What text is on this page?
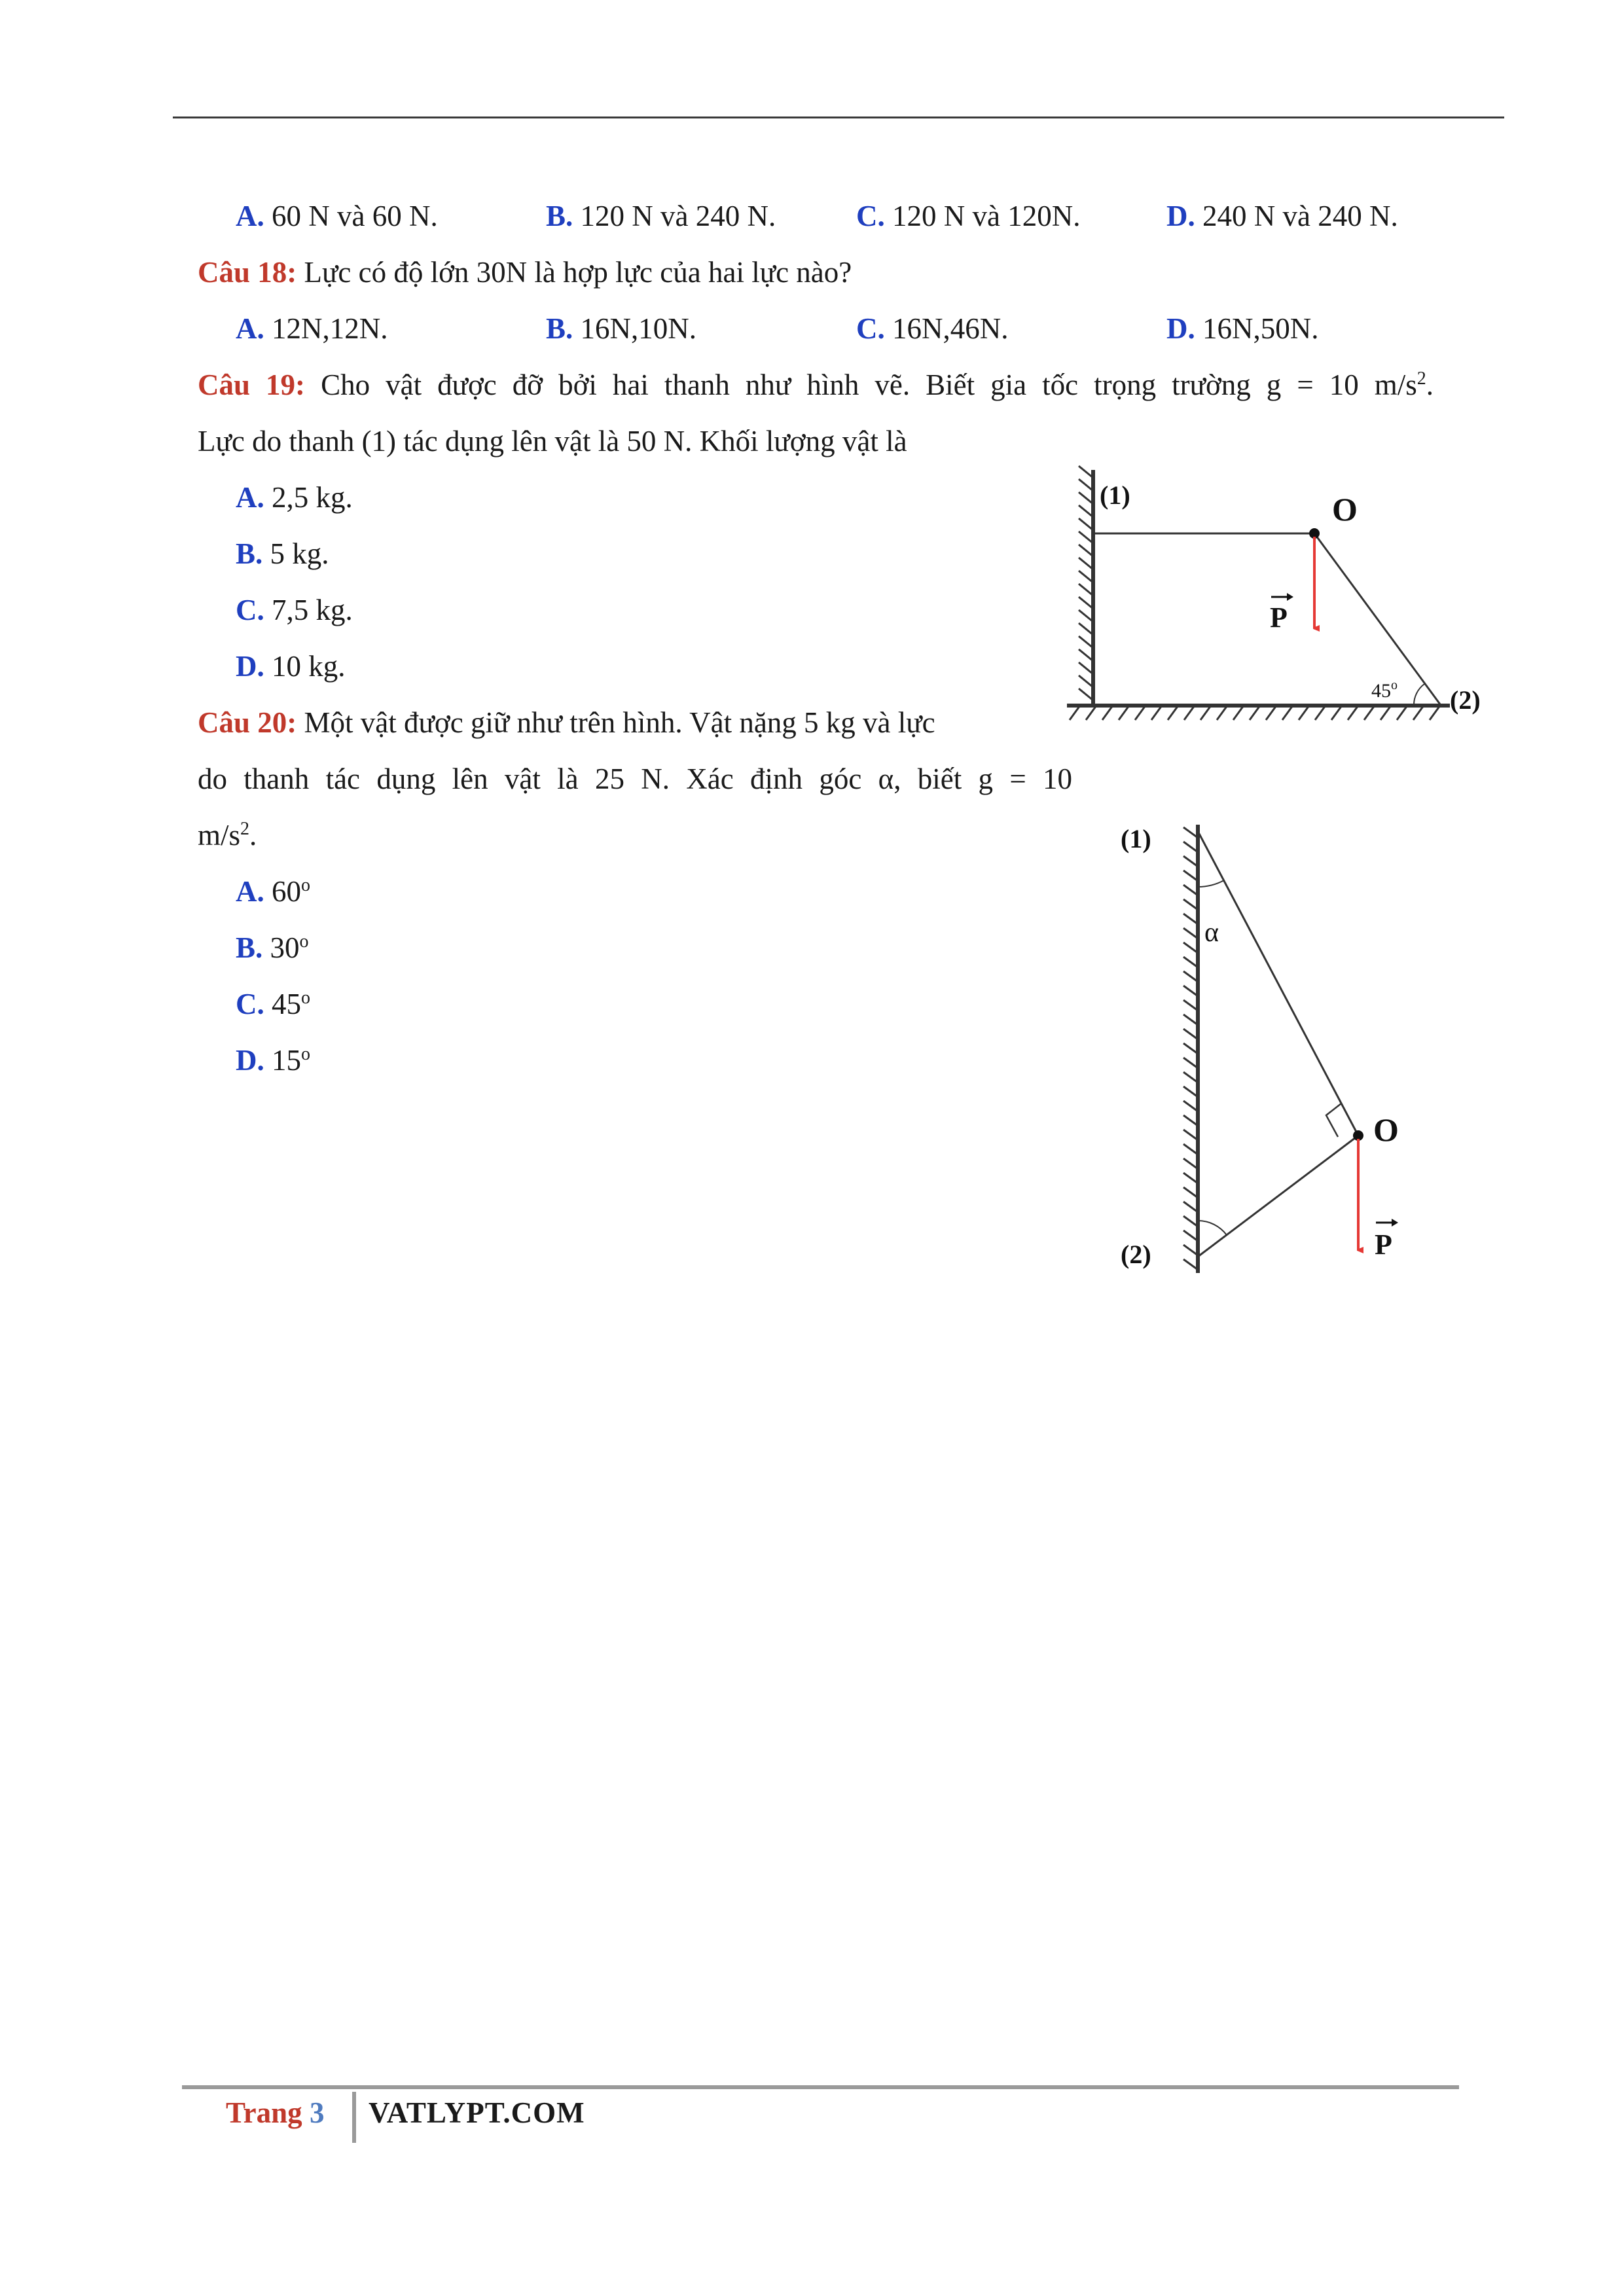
A. 60 N và 60 N.	B. 120 N và 240 N.	C. 120 N và 120N.	D. 240 N và 240 N.
Câu 18: Lực có độ lớn 30N là hợp lực của hai lực nào?
A. 12N,12N.	B. 16N,10N.	C. 16N,46N.	D. 16N,50N.
Câu 19: Cho vật được đỡ bởi hai thanh như hình vẽ. Biết gia tốc trọng trường g = 10 $m/s^2$.
Lực do thanh (1) tác dụng lên vật là 50 N. Khối lượng vật là
A. 2,5 kg.
B. 5 kg.
C. 7,5 kg.
D. 10 kg.
(1)	O
P
45$^o$ (2)
Câu 20: Một vật được giữ như trên hình. Vật nặng 5 kg và lực
do thanh tác dụng lên vật là 25 N. Xác định góc α, biết g = 10
$m/s^2$.
A. 60$^o$
B. 30$^o$
C. 45$^o$
D. 15$^o$
(1)
α
O
P
(2)
Trang 3 VATLYPT.COM
